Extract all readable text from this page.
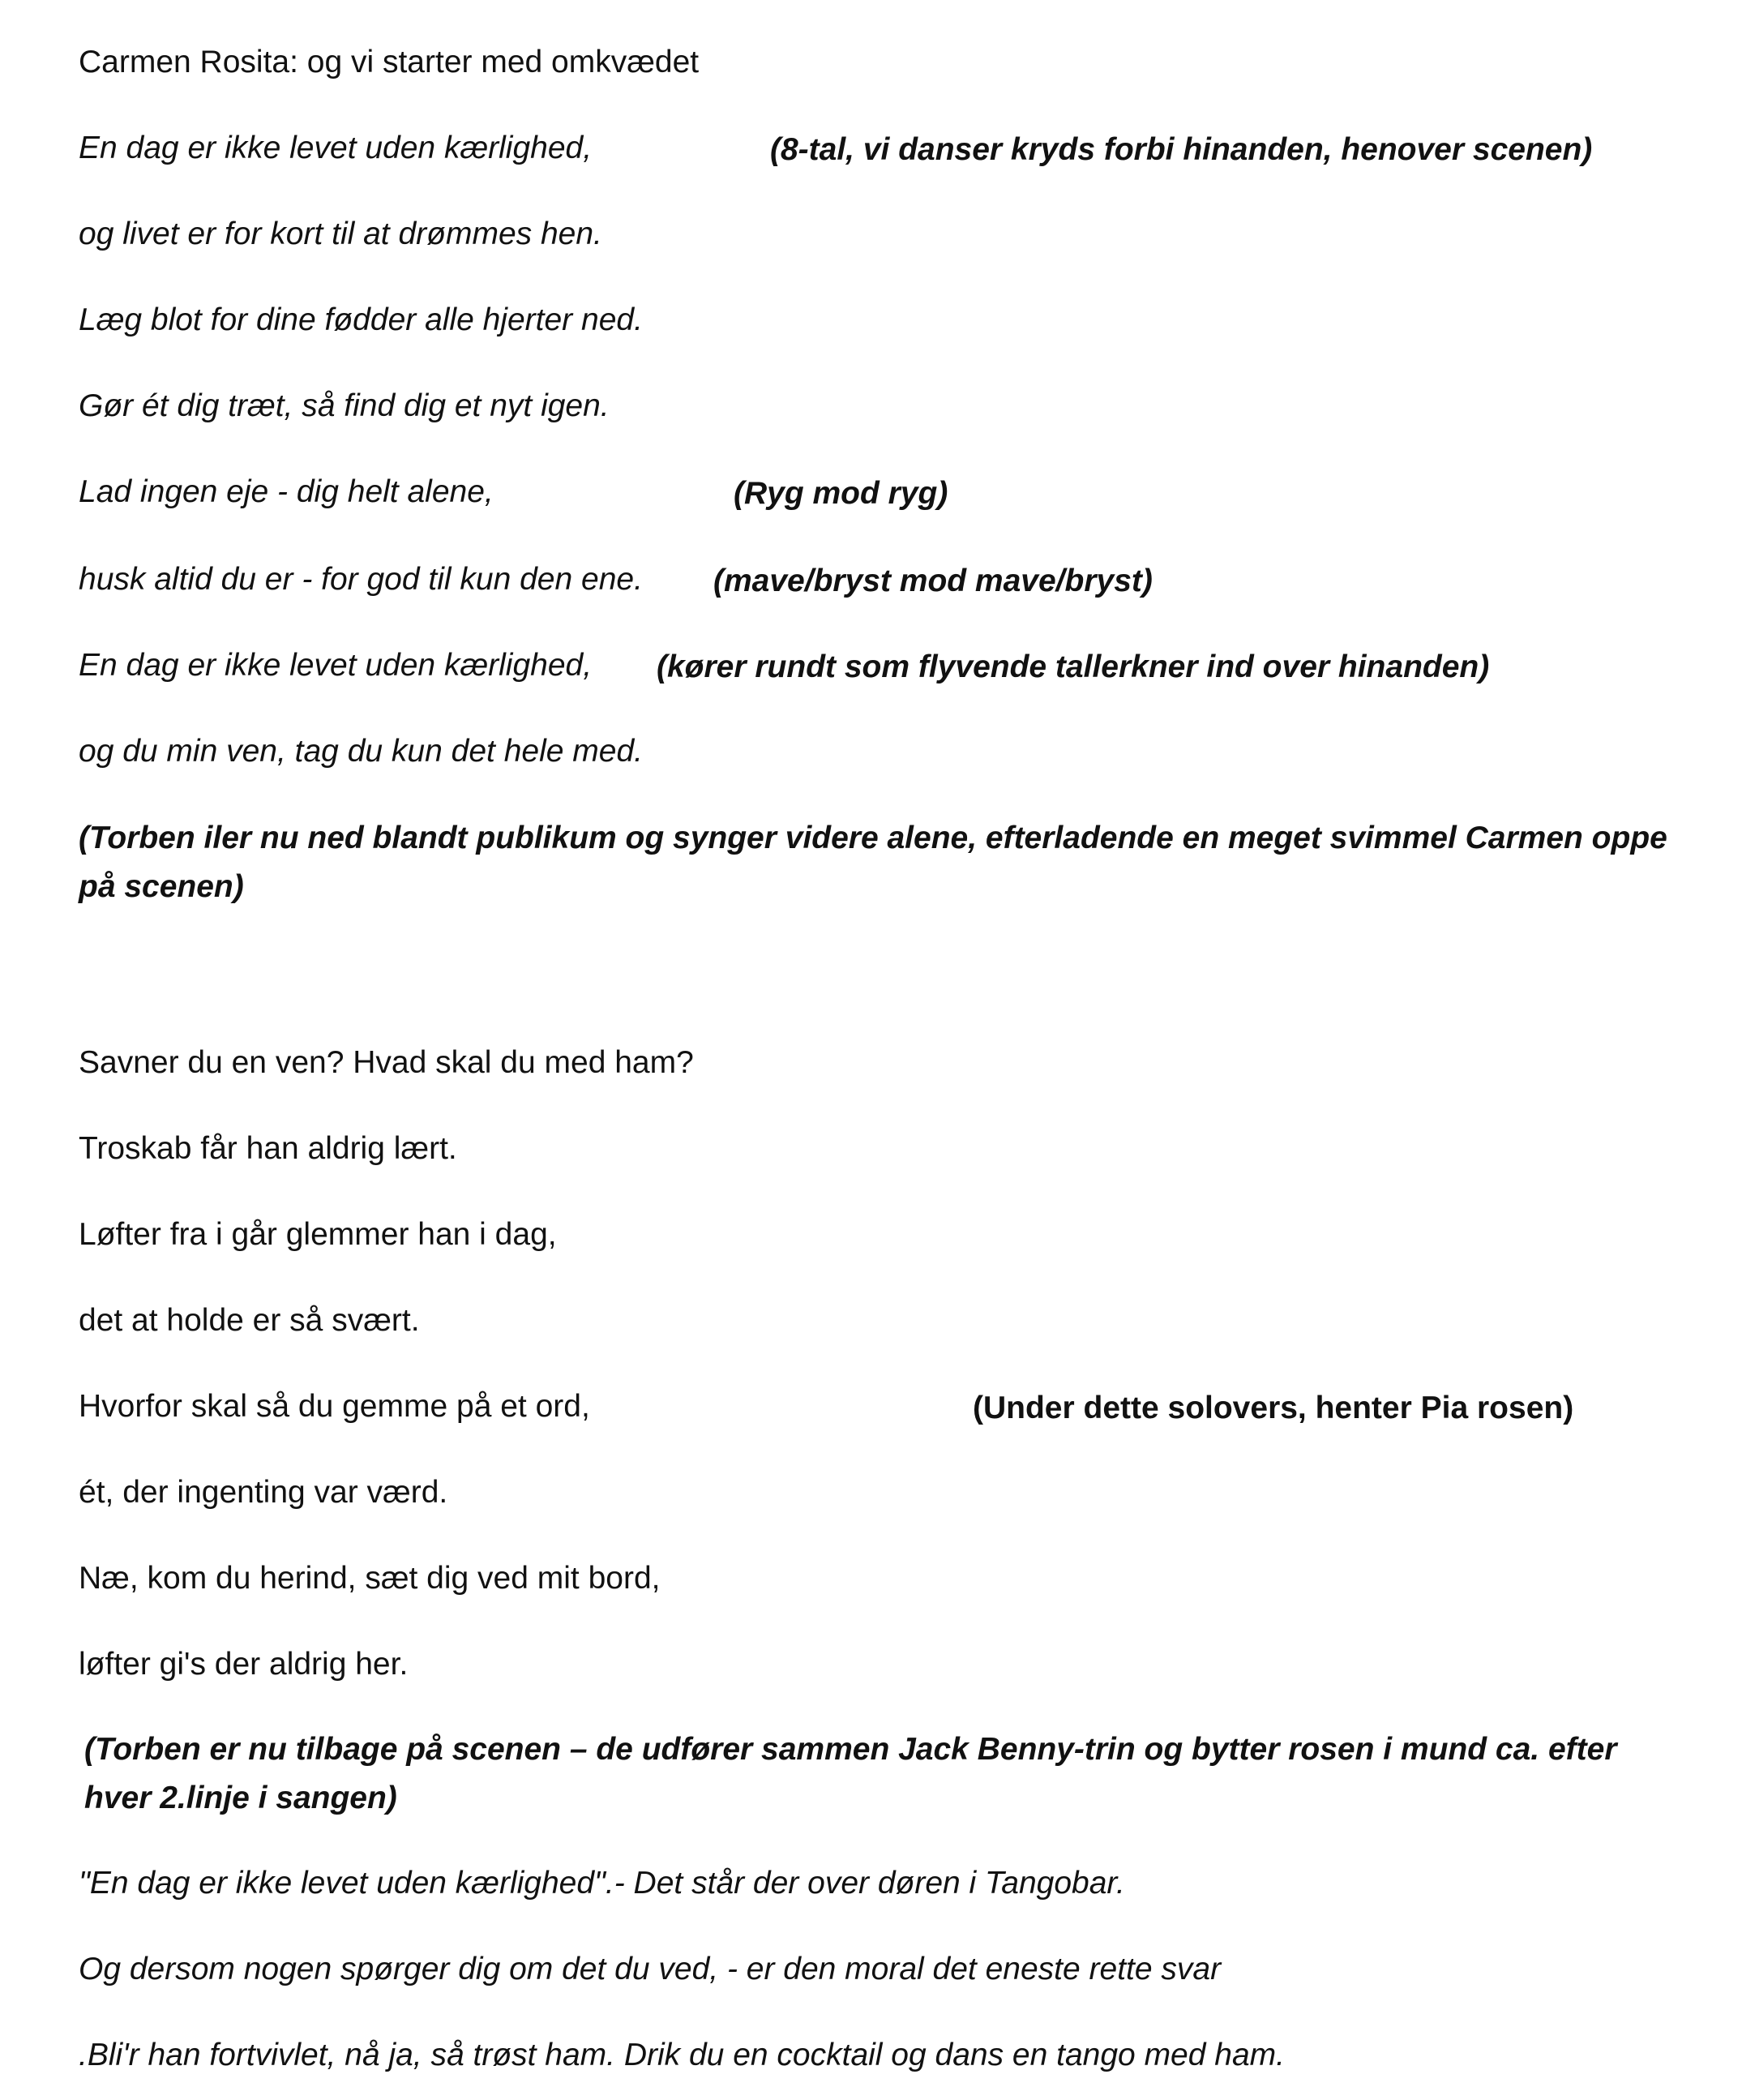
Carmen Rosita: og vi starter med omkvædet
En dag er ikke levet uden kærlighed,	(8-tal, vi danser kryds forbi hinanden, henover scenen)
og livet er for kort til at drømmes hen.
Læg blot for dine fødder alle hjerter ned.
Gør ét dig træt, så find dig et nyt igen.
Lad ingen eje - dig helt alene,	(Ryg mod ryg)
husk altid du er - for god til kun den ene. (mave/bryst mod mave/bryst)
En dag er ikke levet uden kærlighed, (kører rundt som flyvende tallerkner ind over hinanden)
og du min ven, tag du kun det hele med.
(Torben iler nu ned blandt publikum og synger videre alene, efterladende en meget svimmel Carmen oppe på scenen)
Savner du en ven? Hvad skal du med ham?
Troskab får han aldrig lært.
Løfter fra i går glemmer han i dag,
det at holde er så svært.
Hvorfor skal så du gemme på et ord,	(Under dette solovers, henter Pia rosen)
ét, der ingenting var værd.
Næ, kom du herind, sæt dig ved mit bord,
løfter gi's der aldrig her.
(Torben er nu tilbage på scenen – de udfører sammen Jack Benny-trin og bytter rosen i mund ca. efter hver 2.linje i sangen)
"En dag er ikke levet uden kærlighed".- Det står der over døren i Tangobar.
Og dersom nogen spørger dig om det du ved, - er den moral det eneste rette svar
.Bli'r han fortvivlet, nå ja, så trøst ham. Drik du en cocktail og dans en tango med ham.
